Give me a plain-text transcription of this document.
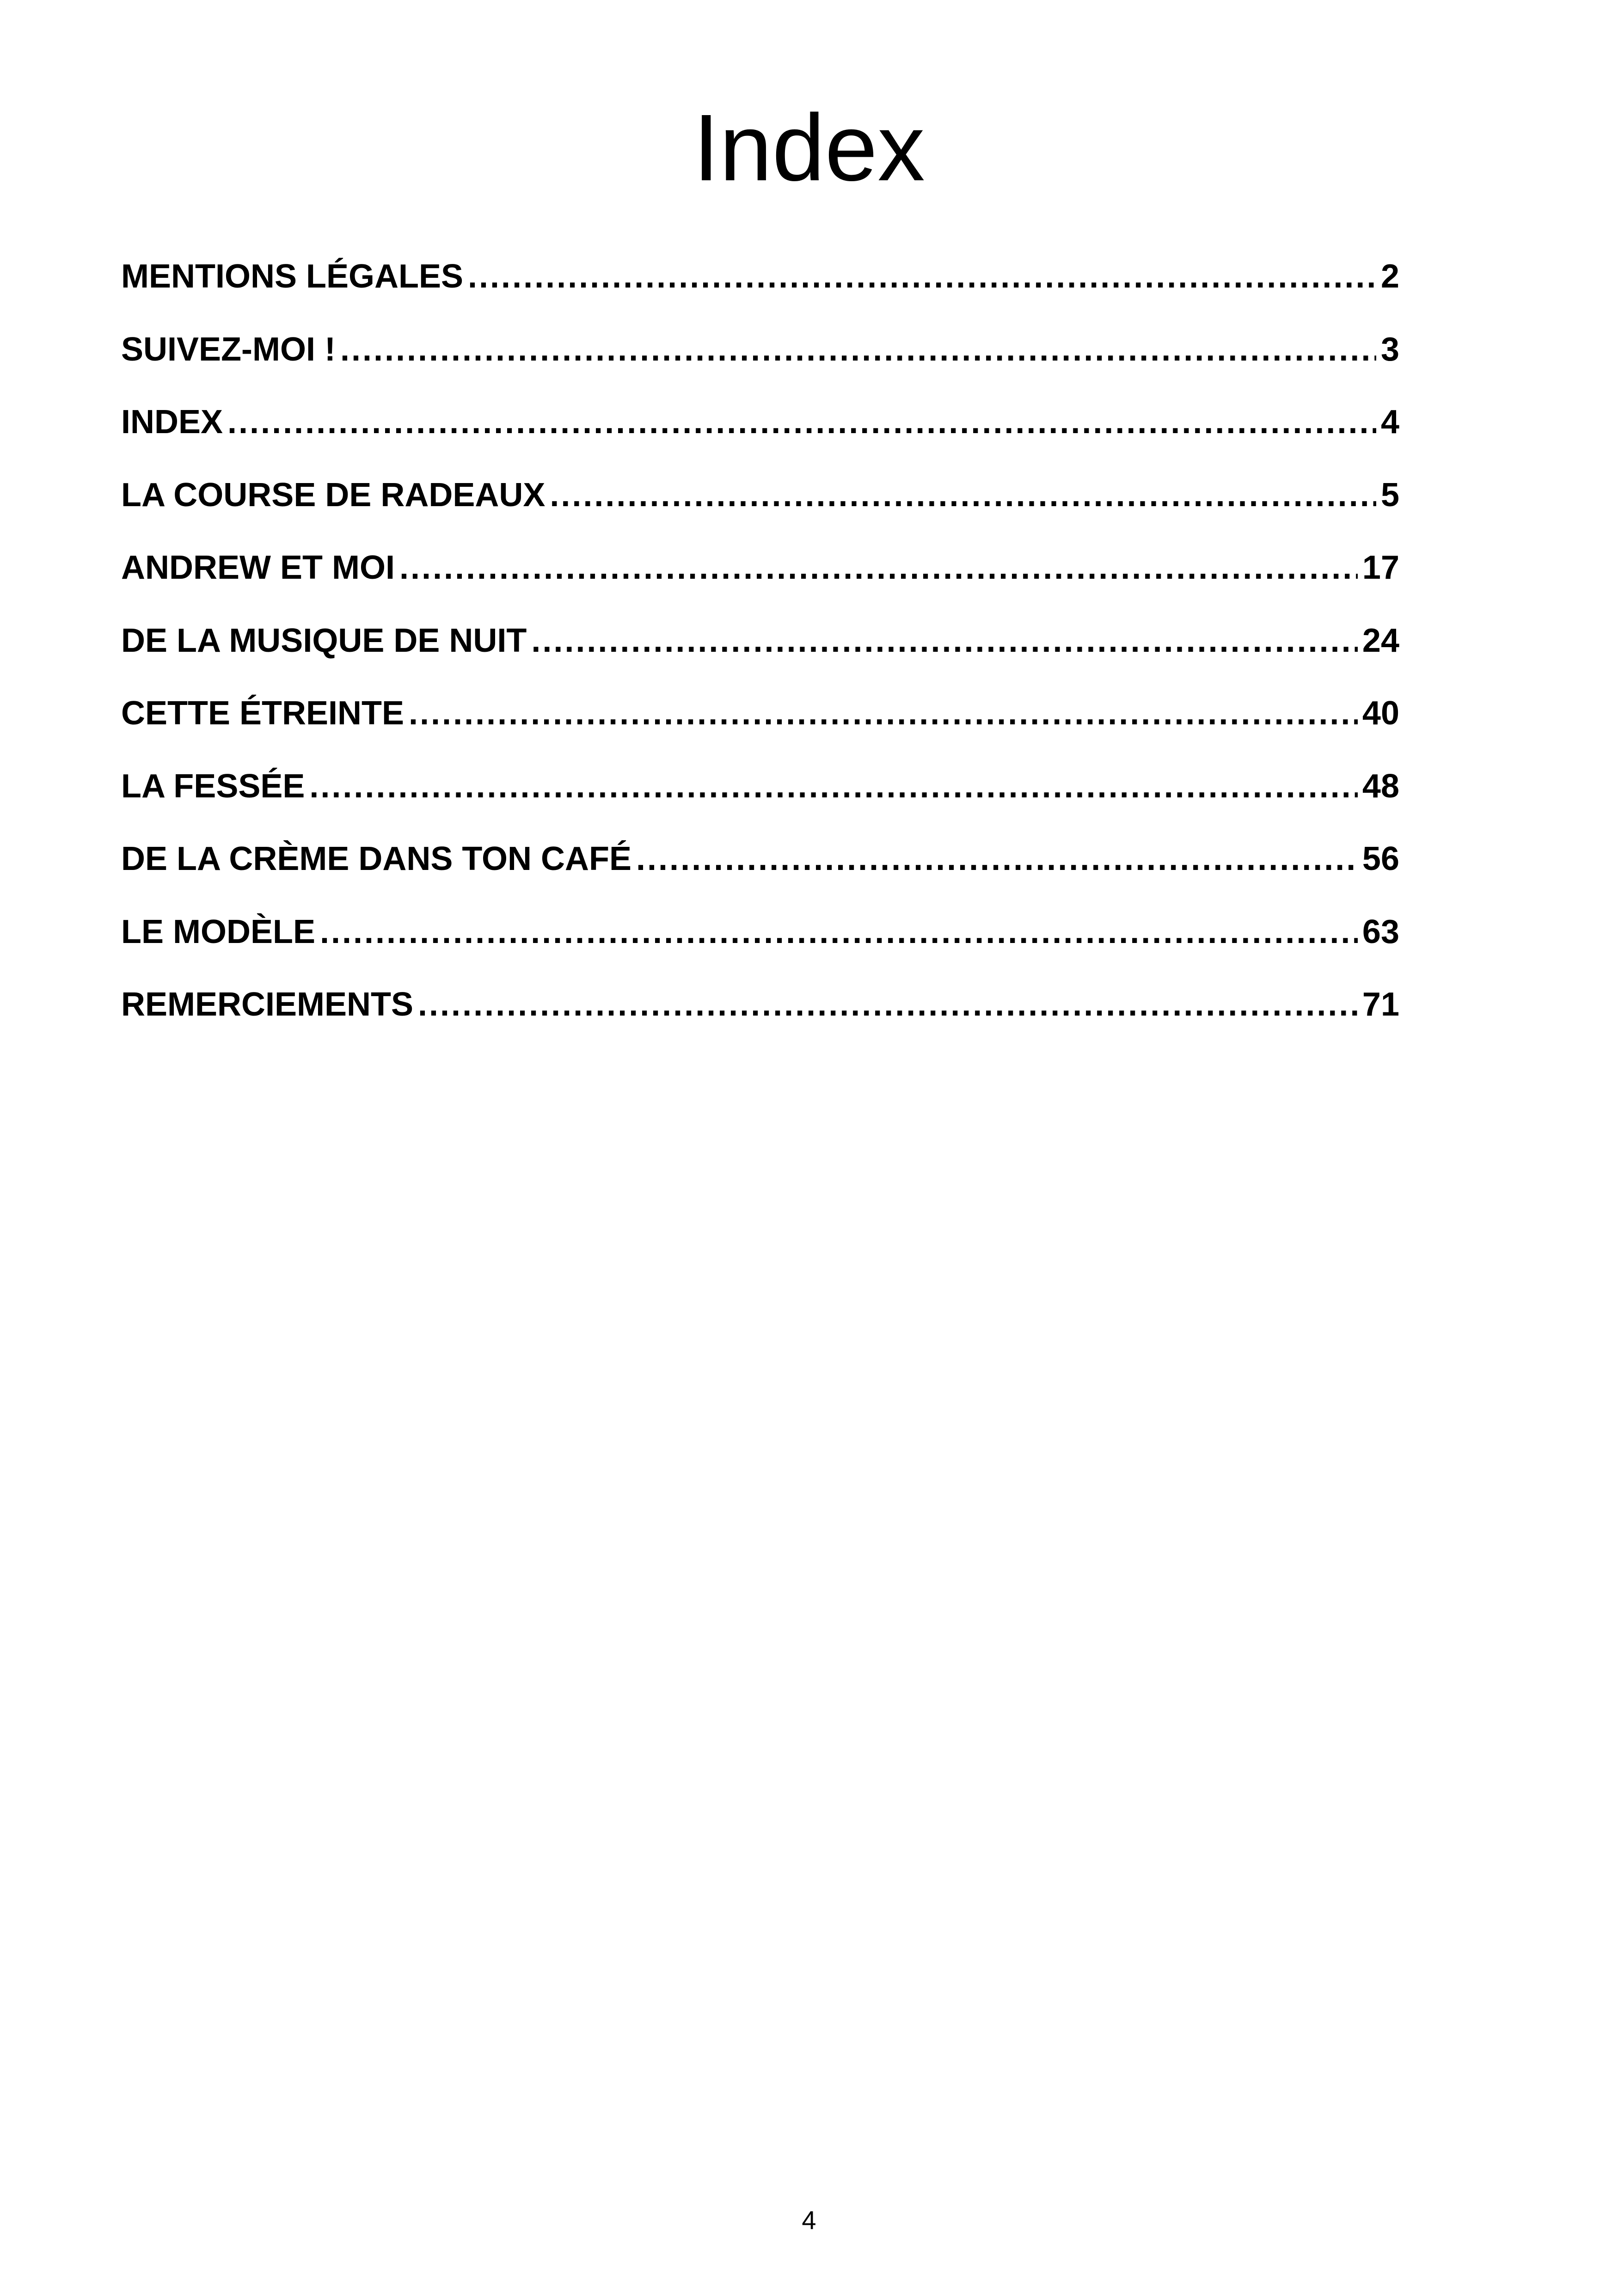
Index
MENTIONS LÉGALES .....	2
SUIVEZ-MOI ! .....	3
INDEX .....	4
LA COURSE DE RADEAUX .....	5
ANDREW ET MOI .....	17
DE LA MUSIQUE DE NUIT .....	24
CETTE ÉTREINTE .....	40
LA FESSÉE .....	48
DE LA CRÈME DANS TON CAFÉ .....	56
LE MODÈLE .....	63
REMERCIEMENTS .....	71
4
